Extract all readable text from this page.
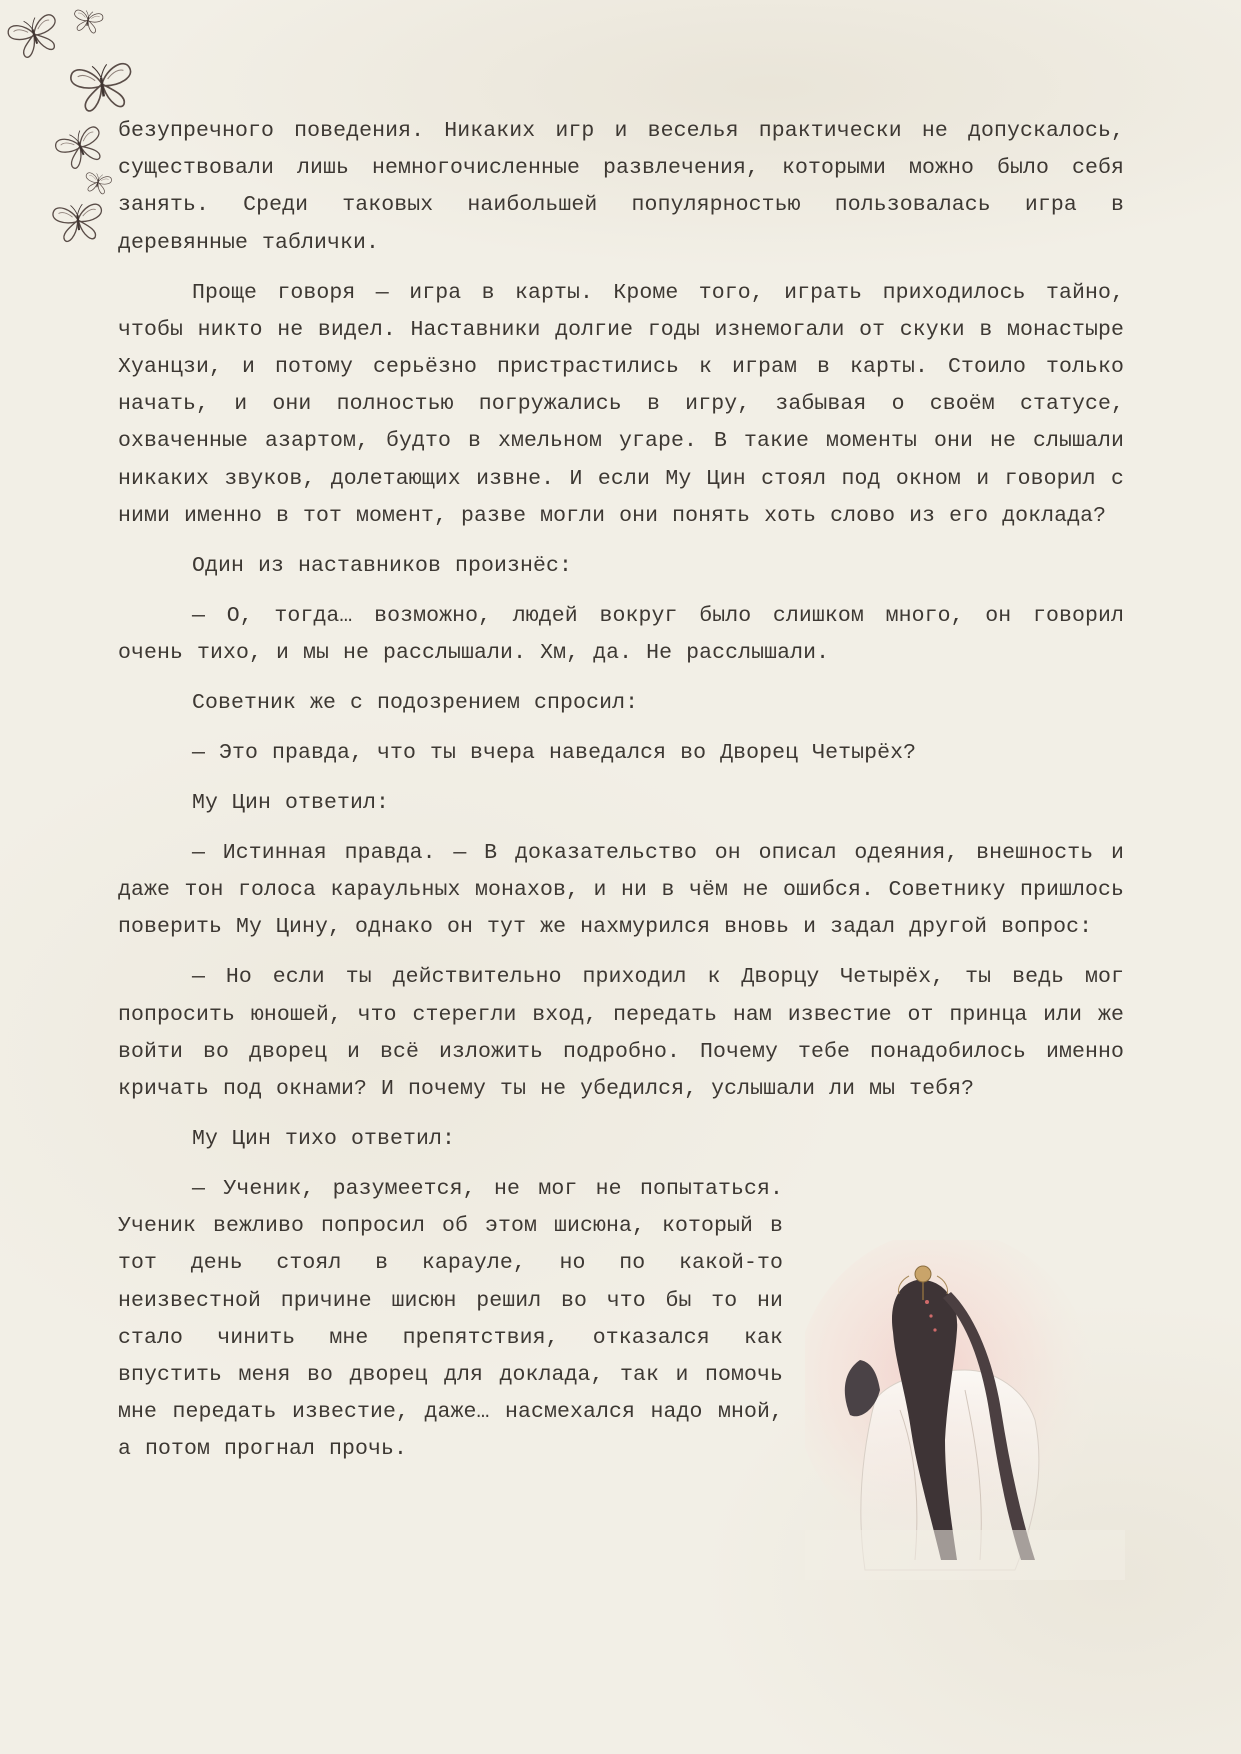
безупречного поведения. Никаких игр и веселья практически не допускалось, существовали лишь немногочисленные развлечения, которыми можно было себя занять. Среди таковых наибольшей популярностью пользовалась игра в деревянные таблички.

Проще говоря — игра в карты. Кроме того, играть приходилось тайно, чтобы никто не видел. Наставники долгие годы изнемогали от скуки в монастыре Хуанцзи, и потому серьёзно пристрастились к играм в карты. Стоило только начать, и они полностью погружались в игру, забывая о своём статусе, охваченные азартом, будто в хмельном угаре. В такие моменты они не слышали никаких звуков, долетающих извне. И если Му Цин стоял под окном и говорил с ними именно в тот момент, разве могли они понять хоть слово из его доклада?

Один из наставников произнёс:

— О, тогда… возможно, людей вокруг было слишком много, он говорил очень тихо, и мы не расслышали. Хм, да. Не расслышали.

Советник же с подозрением спросил:

— Это правда, что ты вчера наведался во Дворец Четырёх?

Му Цин ответил:

— Истинная правда. — В доказательство он описал одеяния, внешность и даже тон голоса караульных монахов, и ни в чём не ошибся. Советнику пришлось поверить Му Цину, однако он тут же нахмурился вновь и задал другой вопрос:

— Но если ты действительно приходил к Дворцу Четырёх, ты ведь мог попросить юношей, что стерегли вход, передать нам известие от принца или же войти во дворец и всё изложить подробно. Почему тебе понадобилось именно кричать под окнами? И почему ты не убедился, услышали ли мы тебя?

Му Цин тихо ответил:

— Ученик, разумеется, не мог не попытаться. Ученик вежливо попросил об этом шисюна, который в тот день стоял в карауле, но по какой-то неизвестной причине шисюн решил во что бы то ни стало чинить мне препятствия, отказался как впустить меня во дворец для доклада, так и помочь мне передать известие, даже… насмехался надо мной, а потом прогнал прочь.
